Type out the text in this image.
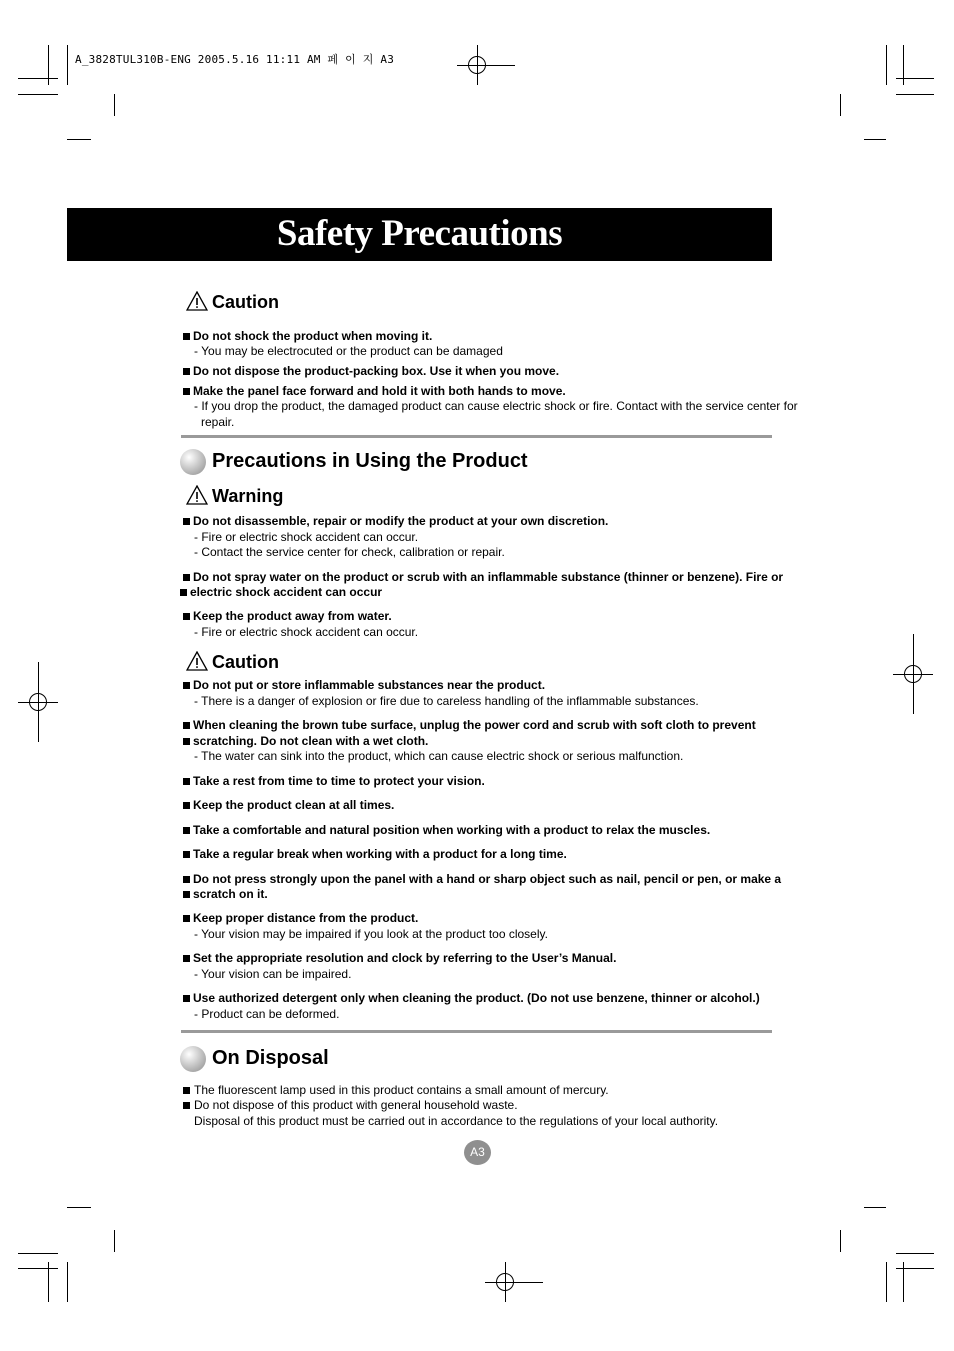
A_3828TUL310B-ENG 2005.5.16 11:11 AM 페 이 지 A3
Safety Precautions
Caution
Do not shock the product when moving it.
- You may be electrocuted or the product can be damaged
Do not dispose the product-packing box. Use it when you move.
Make the panel face forward and hold it with both hands to move.
- If you drop the product, the damaged product can cause electric shock or fire. Contact with the service center for
repair.
Precautions in Using the Product
Warning
Do not disassemble, repair or modify the product at your own discretion.
- Fire or electric shock accident can occur.
- Contact the service center for check, calibration or repair.
Do not spray water on the product or scrub with an inflammable substance (thinner or benzene). Fire or
electric shock accident can occur
Keep the product away from water.
- Fire or electric shock accident can occur.
Caution
Do not put or store inflammable substances near the product.
- There is a danger of explosion or fire due to careless handling of the inflammable substances.
When cleaning the brown tube surface, unplug the power cord and scrub with soft cloth to prevent
scratching. Do not clean with a wet cloth.
- The water can sink into the product, which can cause electric shock or serious malfunction.
Take a rest from time to time to protect your vision.
Keep the product clean at all times.
Take a comfortable and natural position when working with a product to relax the muscles.
Take a regular break when working with a product for a long time.
Do not press strongly upon the panel with a hand or sharp object such as nail, pencil or pen, or make a
scratch on it.
Keep proper distance from the product.
- Your vision may be impaired if you look at the product too closely.
Set the appropriate resolution and clock by referring to the User’s Manual.
- Your vision can be impaired.
Use authorized detergent only when cleaning the product. (Do not use benzene, thinner or alcohol.)
- Product can be deformed.
On Disposal
The fluorescent lamp used in this product contains a small amount of mercury.
Do not dispose of this product with general household waste.
Disposal of this product must be carried out in accordance to the regulations of your local authority.
A3
